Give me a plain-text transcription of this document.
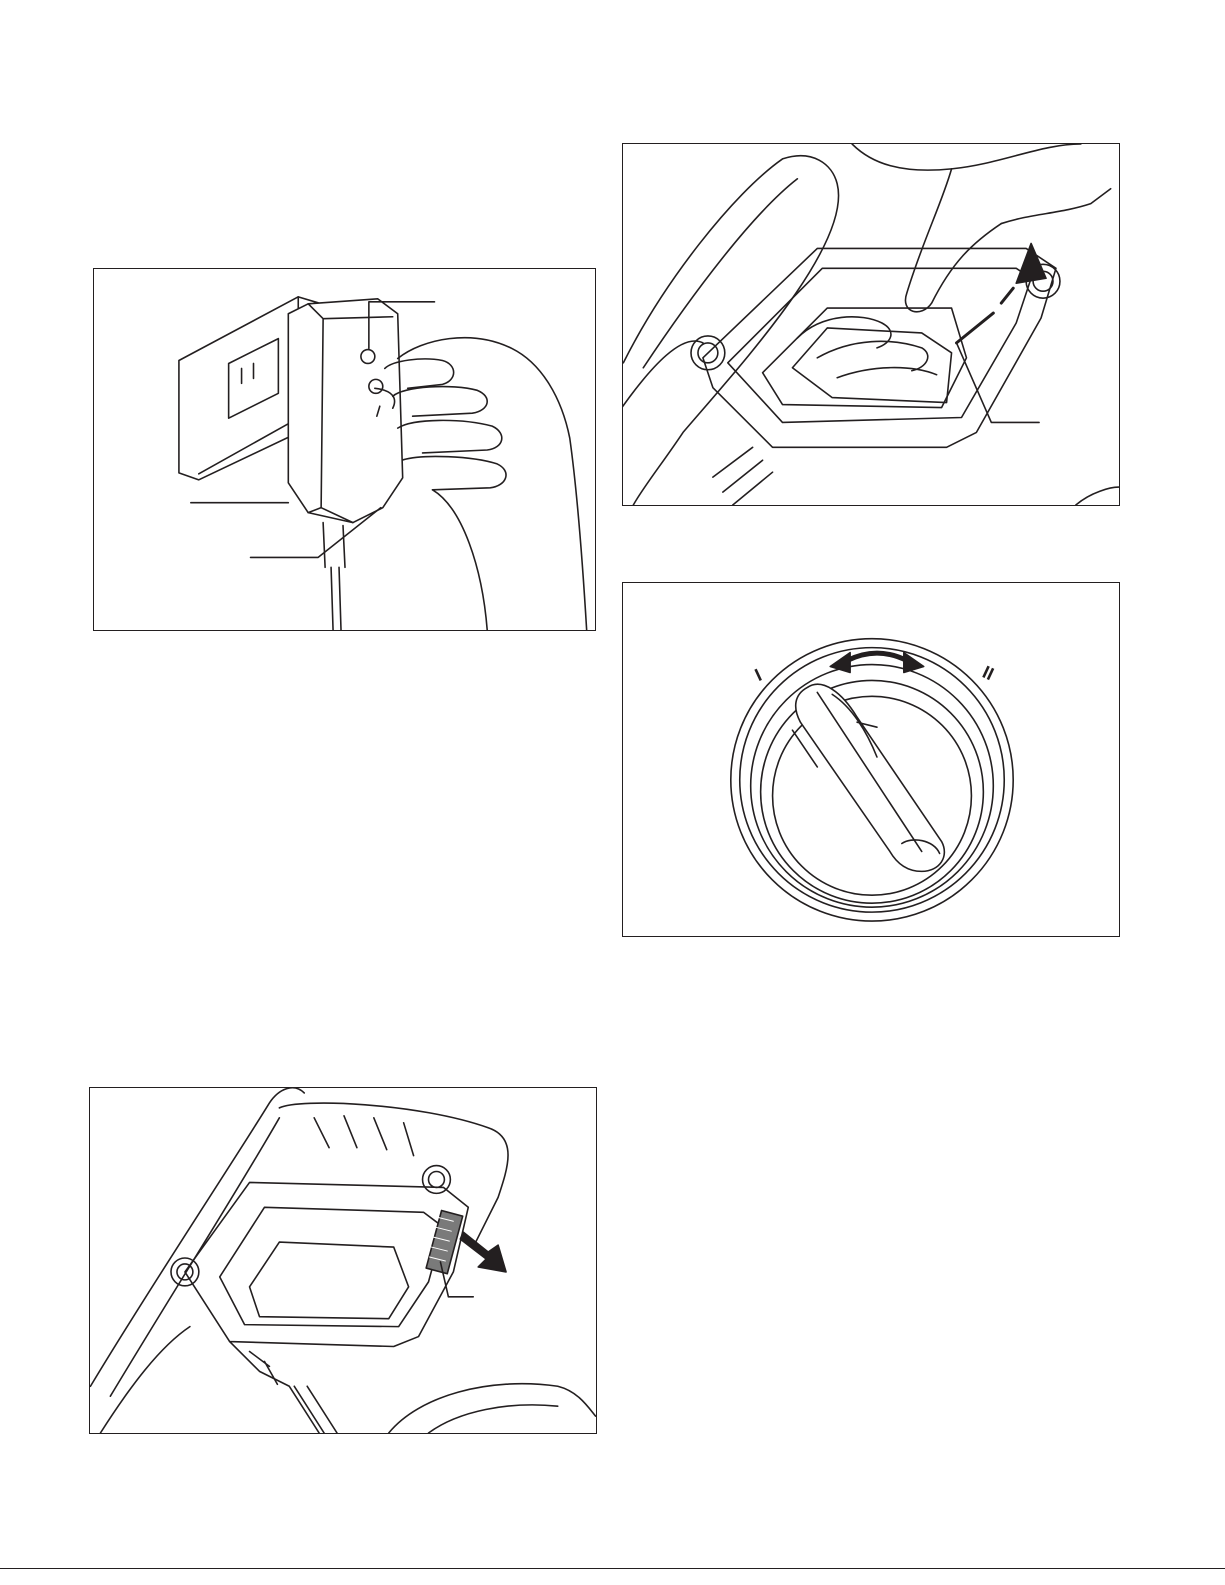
I	II
